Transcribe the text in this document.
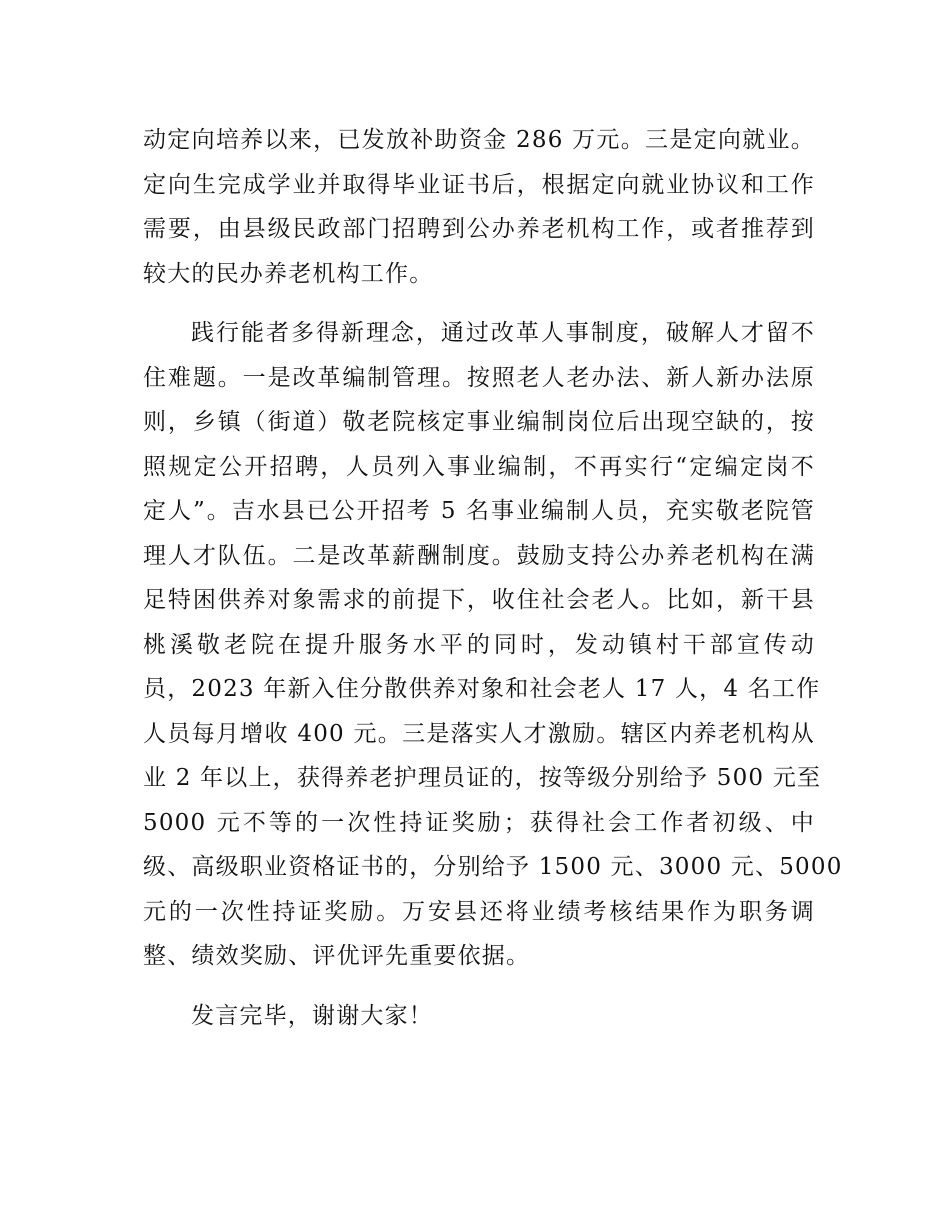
动定向培养以来，已发放补助资金 286 万元。三是定向就业。
定向生完成学业并取得毕业证书后，根据定向就业协议和工作
需要，由县级民政部门招聘到公办养老机构工作，或者推荐到
较大的民办养老机构工作。
践行能者多得新理念，通过改革人事制度，破解人才留不
住难题。一是改革编制管理。按照老人老办法、新人新办法原
则，乡镇（街道）敬老院核定事业编制岗位后出现空缺的，按
照规定公开招聘，人员列入事业编制，不再实行“定编定岗不
定人”。吉水县已公开招考 5 名事业编制人员，充实敬老院管
理人才队伍。二是改革薪酬制度。鼓励支持公办养老机构在满
足特困供养对象需求的前提下，收住社会老人。比如，新干县
桃溪敬老院在提升服务水平的同时，发动镇村干部宣传动
员，2023 年新入住分散供养对象和社会老人 17 人，4 名工作
人员每月增收 400 元。三是落实人才激励。辖区内养老机构从
业 2 年以上，获得养老护理员证的，按等级分别给予 500 元至
5000 元不等的一次性持证奖励；获得社会工作者初级、中
级、高级职业资格证书的，分别给予 1500 元、3000 元、5000
元的一次性持证奖励。万安县还将业绩考核结果作为职务调
整、绩效奖励、评优评先重要依据。
发言完毕，谢谢大家！
